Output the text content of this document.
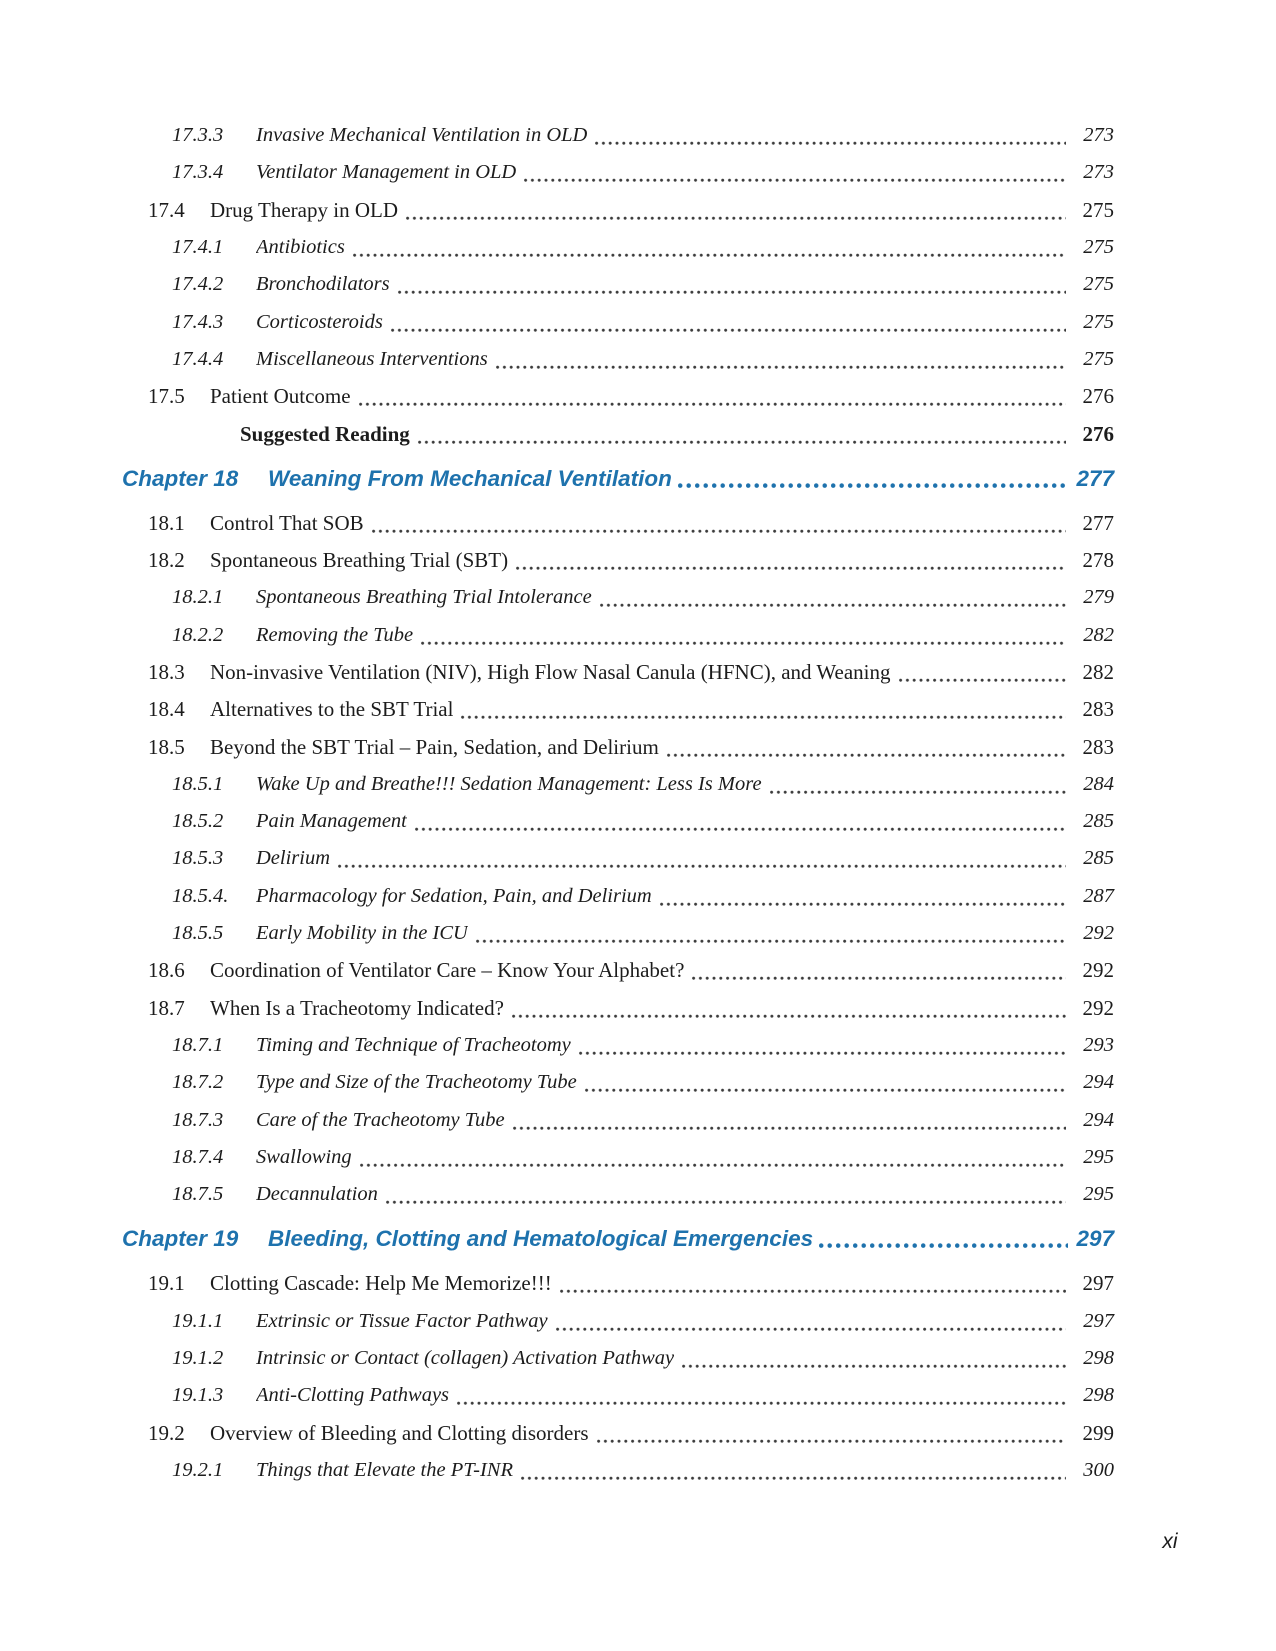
17.3.3	Invasive Mechanical Ventilation in OLD	273
17.3.4	Ventilator Management in OLD	273
17.4	Drug Therapy in OLD	275
17.4.1	Antibiotics	275
17.4.2	Bronchodilators	275
17.4.3	Corticosteroids	275
17.4.4	Miscellaneous Interventions	275
17.5	Patient Outcome	276
Suggested Reading	276
Chapter 18	Weaning From Mechanical Ventilation	277
18.1	Control That SOB	277
18.2	Spontaneous Breathing Trial (SBT)	278
18.2.1	Spontaneous Breathing Trial Intolerance	279
18.2.2	Removing the Tube	282
18.3	Non-invasive Ventilation (NIV), High Flow Nasal Canula (HFNC), and Weaning	282
18.4	Alternatives to the SBT Trial	283
18.5	Beyond the SBT Trial – Pain, Sedation, and Delirium	283
18.5.1	Wake Up and Breathe!!! Sedation Management: Less Is More	284
18.5.2	Pain Management	285
18.5.3	Delirium	285
18.5.4.	Pharmacology for Sedation, Pain, and Delirium	287
18.5.5	Early Mobility in the ICU	292
18.6	Coordination of Ventilator Care – Know Your Alphabet?	292
18.7	When Is a Tracheotomy Indicated?	292
18.7.1	Timing and Technique of Tracheotomy	293
18.7.2	Type and Size of the Tracheotomy Tube	294
18.7.3	Care of the Tracheotomy Tube	294
18.7.4	Swallowing	295
18.7.5	Decannulation	295
Chapter 19	Bleeding, Clotting and Hematological Emergencies	297
19.1	Clotting Cascade: Help Me Memorize!!!	297
19.1.1	Extrinsic or Tissue Factor Pathway	297
19.1.2	Intrinsic or Contact (collagen) Activation Pathway	298
19.1.3	Anti-Clotting Pathways	298
19.2	Overview of Bleeding and Clotting disorders	299
19.2.1	Things that Elevate the PT-INR	300
xi
